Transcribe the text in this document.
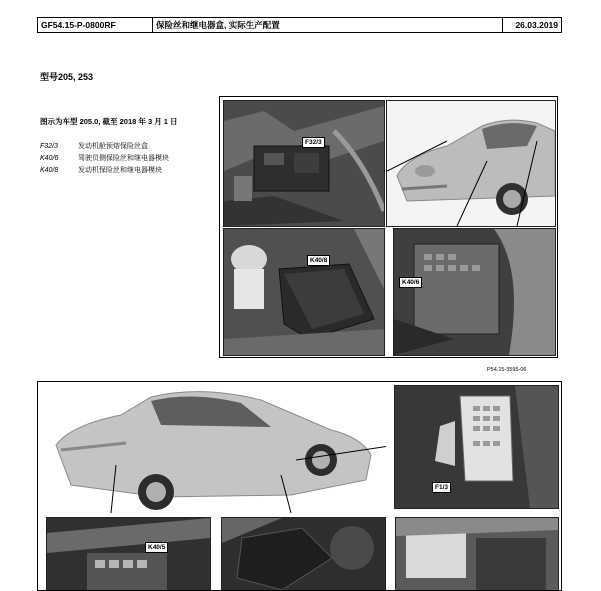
GF54.15-P-0800RF	保险丝和继电器盒, 实际生产配置	26.03.2019
型号205, 253
图示为车型 205.0, 截至 2018 年 3 月 1 日
F32/3	发动机舱预熔保险丝盒
K40/6	驾驶员侧保险丝和继电器模块
K40/8	发动机保险丝和继电器模块
F32/3
K40/8
K40/6
P54.15-3595-06
F1/3
K40/5
